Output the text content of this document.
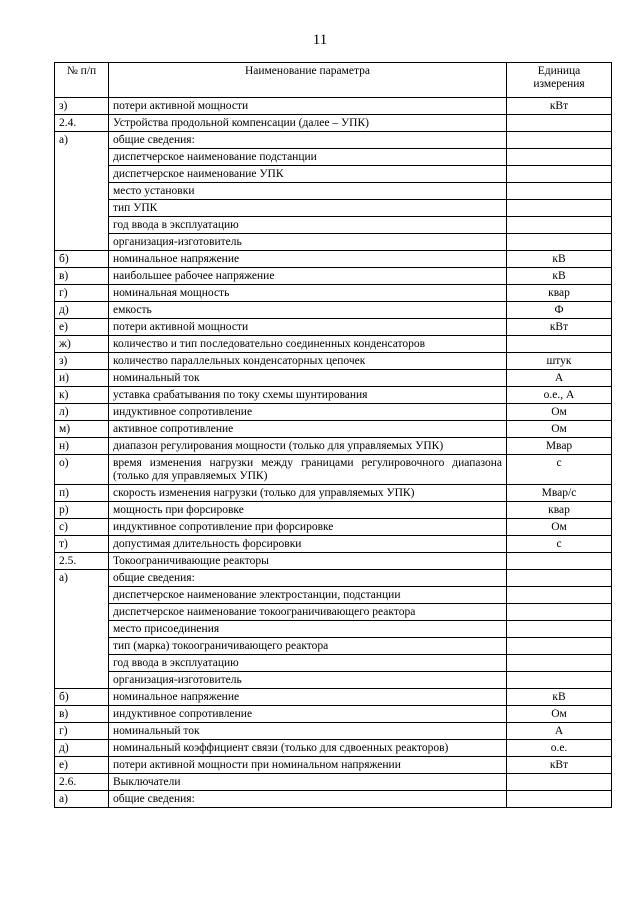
11
№ п/п	Наименование параметра	Единица измерения
з)	потери активной мощности	кВт
2.4.	Устройства продольной компенсации (далее – УПК)	
а)	общие сведения:	
	диспетчерское наименование подстанции	
	диспетчерское наименование УПК	
	место установки	
	тип УПК	
	год ввода в эксплуатацию	
	организация-изготовитель	
б)	номинальное напряжение	кВ
в)	наибольшее рабочее напряжение	кВ
г)	номинальная мощность	квар
д)	емкость	Ф
е)	потери активной мощности	кВт
ж)	количество и тип последовательно соединенных конденсаторов	
з)	количество параллельных конденсаторных цепочек	штук
и)	номинальный ток	А
к)	уставка срабатывания по току схемы шунтирования	о.е., А
л)	индуктивное сопротивление	Ом
м)	активное сопротивление	Ом
н)	диапазон регулирования мощности (только для управляемых УПК)	Мвар
о)	время изменения нагрузки между границами регулировочного диапазона (только для управляемых УПК)	с
п)	скорость изменения нагрузки (только для управляемых УПК)	Мвар/с
р)	мощность при форсировке	квар
с)	индуктивное сопротивление при форсировке	Ом
т)	допустимая длительность форсировки	с
2.5.	Токоограничивающие реакторы	
а)	общие сведения:	
	диспетчерское наименование электростанции, подстанции	
	диспетчерское наименование токоограничивающего реактора	
	место присоединения	
	тип (марка) токоограничивающего реактора	
	год ввода в эксплуатацию	
	организация-изготовитель	
б)	номинальное напряжение	кВ
в)	индуктивное сопротивление	Ом
г)	номинальный ток	А
д)	номинальный коэффициент связи (только для сдвоенных реакторов)	о.е.
е)	потери активной мощности при номинальном напряжении	кВт
2.6.	Выключатели	
а)	общие сведения:	
